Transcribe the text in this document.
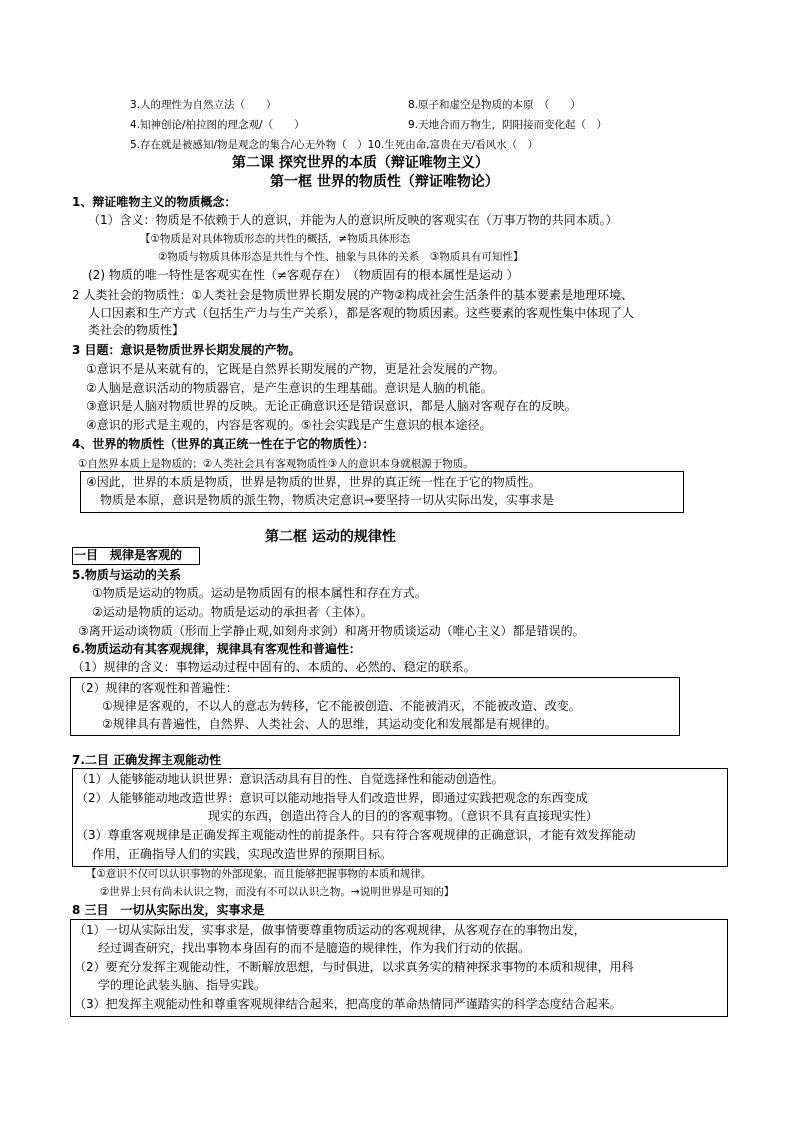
3.人的理性为自然立法（　　）	8.原子和虚空是物质的本原　（　　）
4.知神创论/柏拉图的理念观/（　　）	9.天地合而万物生，阴阳接而变化起（　）
5.存在就是被感知/物是观念的集合/心无外物（　）10.生死由命,富贵在天/看风水（　）
第二课 探究世界的本质（辩证唯物主义）
第一框 世界的物质性（辩证唯物论）
1、辩证唯物主义的物质概念：
（1）含义：物质是不依赖于人的意识，并能为人的意识所反映的客观实在（万事万物的共同本质。）
【①物质是对具体物质形态的共性的概括，≠物质具体形态
②物质与物质具体形态是共性与个性、抽象与具体的关系　③物质具有可知性】
(2) 物质的唯一特性是客观实在性（≠客观存在）　（物质固有的根本属性是运动 ）
2 人类社会的物质性：①人类社会是物质世界长期发展的产物②构成社会生活条件的基本要素是地理环境、
人口因素和生产方式（包括生产力与生产关系），都是客观的物质因素。这些要素的客观性集中体现了人
类社会的物质性】
3 目题：意识是物质世界长期发展的产物。
①意识不是从来就有的，它既是自然界长期发展的产物，更是社会发展的产物。
②人脑是意识活动的物质器官，是产生意识的生理基础。意识是人脑的机能。
③意识是人脑对物质世界的反映。无论正确意识还是错误意识，都是人脑对客观存在的反映。
④意识的形式是主观的，内容是客观的。⑤社会实践是产生意识的根本途径。
4、世界的物质性（世界的真正统一性在于它的物质性）：
①自然界本质上是物质的；②人类社会具有客观物质性③人的意识本身就根源于物质。
④因此，世界的本质是物质，世界是物质的世界，世界的真正统一性在于它的物质性。
物质是本原，意识是物质的派生物，物质决定意识→要坚持一切从实际出发，实事求是
第二框 运动的规律性
一目　规律是客观的
5.物质与运动的关系
①物质是运动的物质。运动是物质固有的根本属性和存在方式。
②运动是物质的运动。物质是运动的承担者（主体）。
③离开运动谈物质（形而上学静止观,如刻舟求剑）和离开物质谈运动（唯心主义）都是错误的。
6.物质运动有其客观规律，规律具有客观性和普遍性：
（1）规律的含义：事物运动过程中固有的、本质的、必然的、稳定的联系。
（2）规律的客观性和普遍性：
①规律是客观的，不以人的意志为转移，它不能被创造、不能被消灭，不能被改造、改变。
②规律具有普遍性，自然界、人类社会、人的思维，其运动变化和发展都是有规律的。
7.二目 正确发挥主观能动性
（1）人能够能动地认识世界：意识活动具有目的性、自觉选择性和能动创造性。
（2）人能够能动地改造世界：意识可以能动地指导人们改造世界，即通过实践把观念的东西变成
现实的东西，创造出符合人的目的的客观事物。（意识不具有直接现实性）
（3）尊重客观规律是正确发挥主观能动性的前提条件。只有符合客观规律的正确意识，才能有效发挥能动
作用，正确指导人们的实践，实现改造世界的预期目标。
【①意识不仅可以认识事物的外部现象，而且能够把握事物的本质和规律。
②世界上只有尚未认识之物，而没有不可以认识之物。→说明世界是可知的】
8 三目　一切从实际出发，实事求是
（1）一切从实际出发，实事求是，做事情要尊重物质运动的客观规律，从客观存在的事物出发，
经过调查研究，找出事物本身固有的而不是臆造的规律性，作为我们行动的依据。
（2）要充分发挥主观能动性，不断解放思想，与时俱进，以求真务实的精神探求事物的本质和规律，用科
学的理论武装头脑、指导实践。
（3）把发挥主观能动性和尊重客观规律结合起来，把高度的革命热情同严谨踏实的科学态度结合起来。
